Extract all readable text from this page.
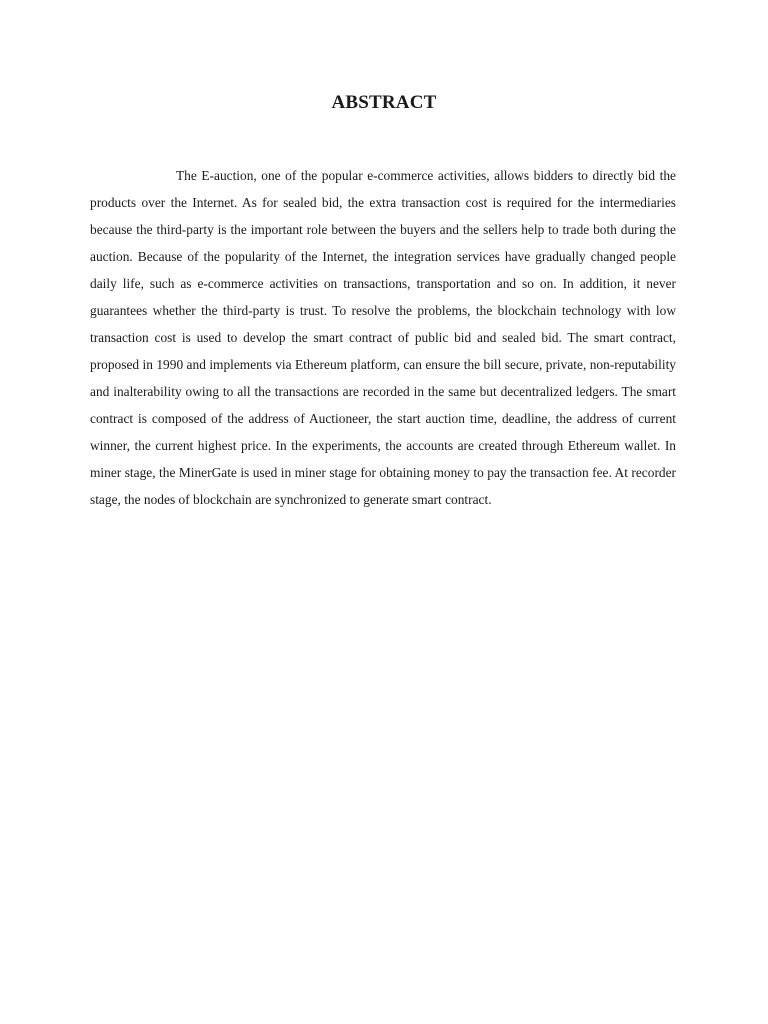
ABSTRACT

The E-auction, one of the popular e-commerce activities, allows bidders to directly bid the products over the Internet. As for sealed bid, the extra transaction cost is required for the intermediaries because the third-party is the important role between the buyers and the sellers help to trade both during the auction. Because of the popularity of the Internet, the integration services have gradually changed people daily life, such as e-commerce activities on transactions, transportation and so on. In addition, it never guarantees whether the third-party is trust. To resolve the problems, the blockchain technology with low transaction cost is used to develop the smart contract of public bid and sealed bid. The smart contract, proposed in 1990 and implements via Ethereum platform, can ensure the bill secure, private, non-reputability and inalterability owing to all the transactions are recorded in the same but decentralized ledgers. The smart contract is composed of the address of Auctioneer, the start auction time, deadline, the address of current winner, the current highest price. In the experiments, the accounts are created through Ethereum wallet. In miner stage, the MinerGate is used in miner stage for obtaining money to pay the transaction fee. At recorder stage, the nodes of blockchain are synchronized to generate smart contract.
